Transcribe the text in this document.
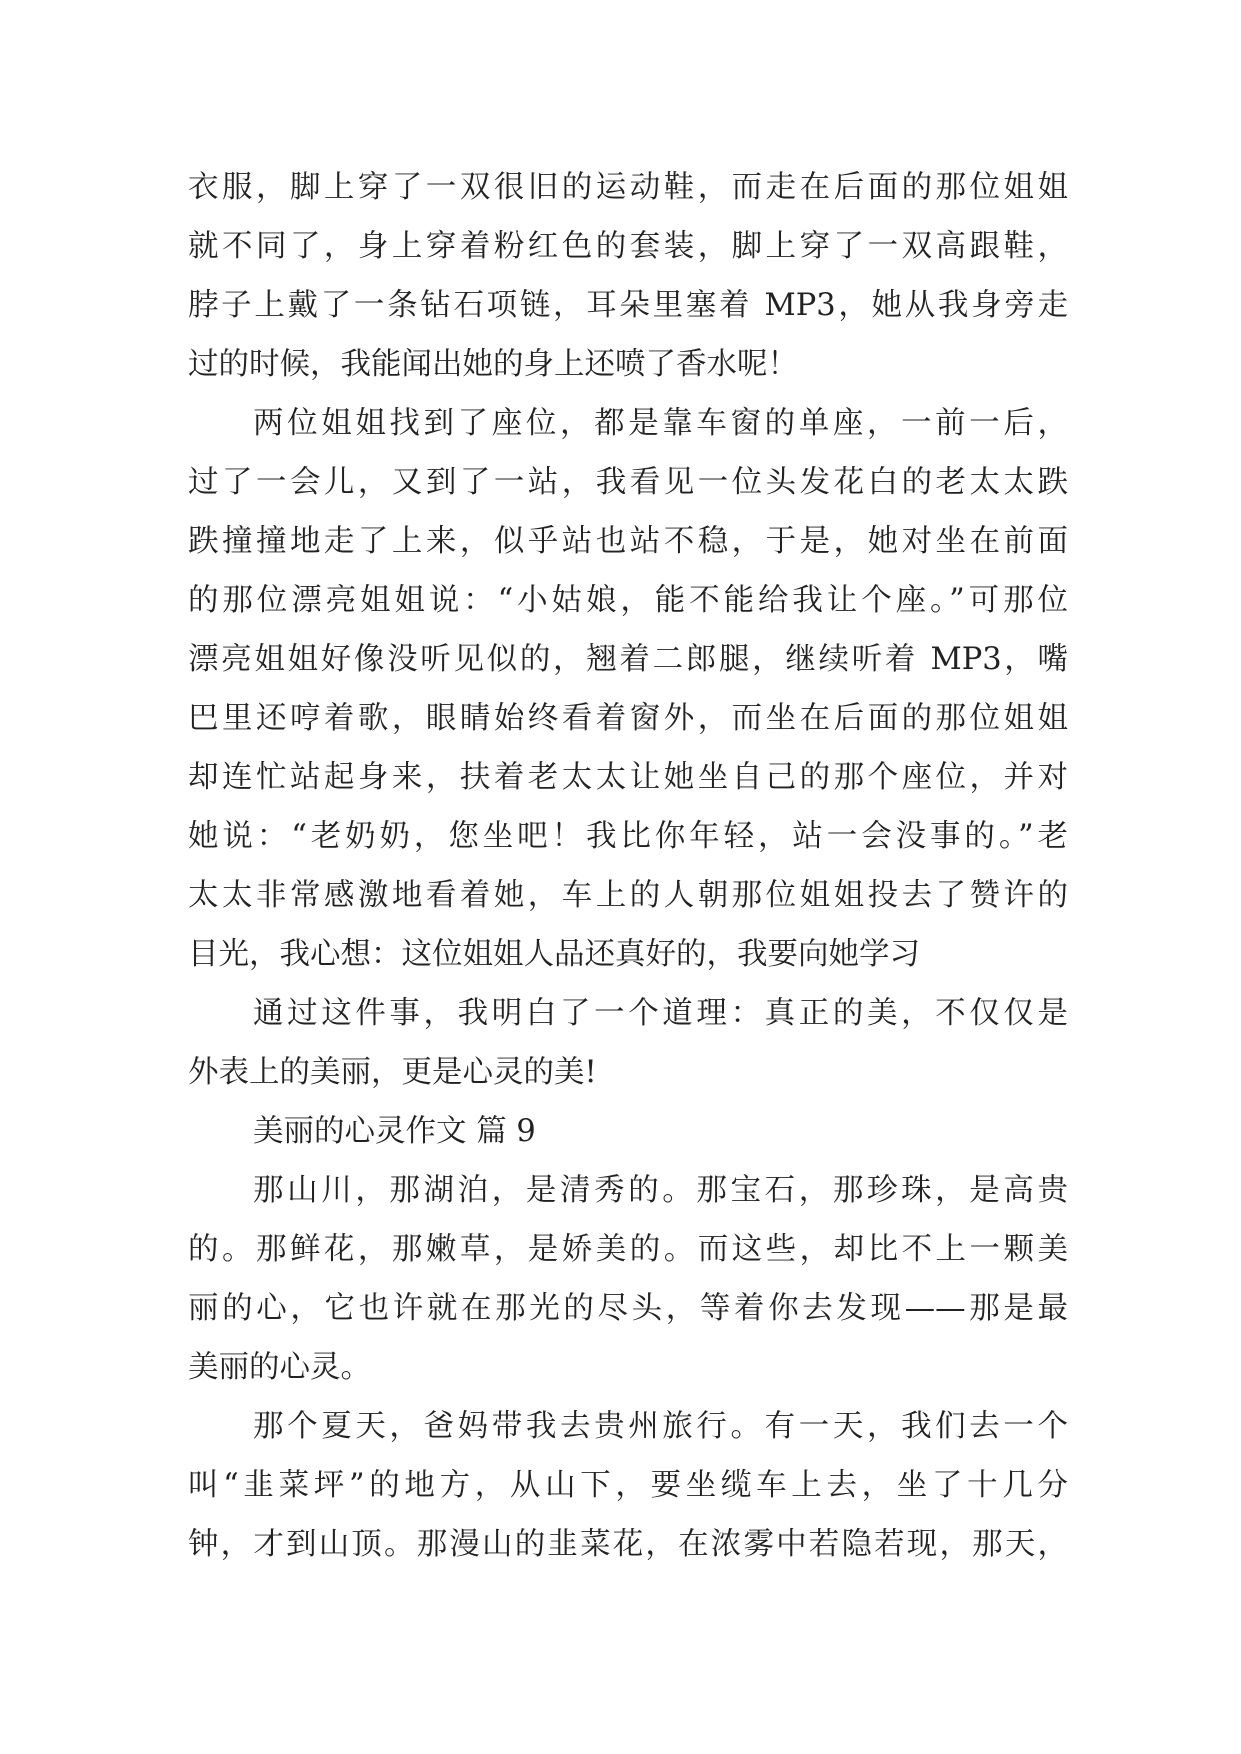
衣服，脚上穿了一双很旧的运动鞋，而走在后面的那位姐姐
就不同了，身上穿着粉红色的套装，脚上穿了一双高跟鞋，
脖子上戴了一条钻石项链，耳朵里塞着 MP3，她从我身旁走
过的时候，我能闻出她的身上还喷了香水呢！
两位姐姐找到了座位，都是靠车窗的单座，一前一后，
过了一会儿，又到了一站，我看见一位头发花白的老太太跌
跌撞撞地走了上来，似乎站也站不稳，于是，她对坐在前面
的那位漂亮姐姐说：“小姑娘，能不能给我让个座。”可那位
漂亮姐姐好像没听见似的，翘着二郎腿，继续听着 MP3，嘴
巴里还哼着歌，眼睛始终看着窗外，而坐在后面的那位姐姐
却连忙站起身来，扶着老太太让她坐自己的那个座位，并对
她说：“老奶奶，您坐吧！我比你年轻，站一会没事的。”老
太太非常感激地看着她，车上的人朝那位姐姐投去了赞许的
目光，我心想：这位姐姐人品还真好的，我要向她学习
通过这件事，我明白了一个道理：真正的美，不仅仅是
外表上的美丽，更是心灵的美!
美丽的心灵作文 篇 9
那山川，那湖泊，是清秀的。那宝石，那珍珠，是高贵
的。那鲜花，那嫩草，是娇美的。而这些，却比不上一颗美
丽的心，它也许就在那光的尽头，等着你去发现——那是最
美丽的心灵。
那个夏天，爸妈带我去贵州旅行。有一天，我们去一个
叫“韭菜坪”的地方，从山下，要坐缆车上去，坐了十几分
钟，才到山顶。那漫山的韭菜花，在浓雾中若隐若现，那天，
